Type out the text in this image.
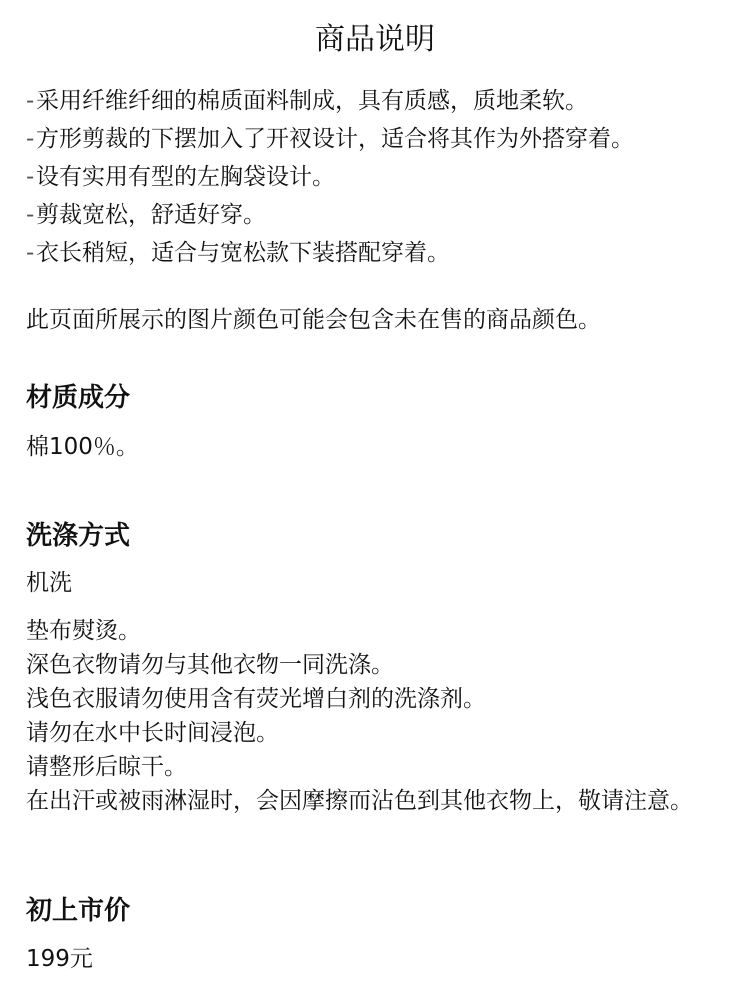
商品说明
-采用纤维纤细的棉质面料制成，具有质感，质地柔软。
-方形剪裁的下摆加入了开衩设计，适合将其作为外搭穿着。
-设有实用有型的左胸袋设计。
-剪裁宽松，舒适好穿。
-衣长稍短，适合与宽松款下装搭配穿着。
此页面所展示的图片颜色可能会包含未在售的商品颜色。
材质成分
棉100％。
洗涤方式
机洗
垫布熨烫。
深色衣物请勿与其他衣物一同洗涤。
浅色衣服请勿使用含有荧光增白剂的洗涤剂。
请勿在水中长时间浸泡。
请整形后晾干。
在出汗或被雨淋湿时，会因摩擦而沾色到其他衣物上，敬请注意。
初上市价
199元
